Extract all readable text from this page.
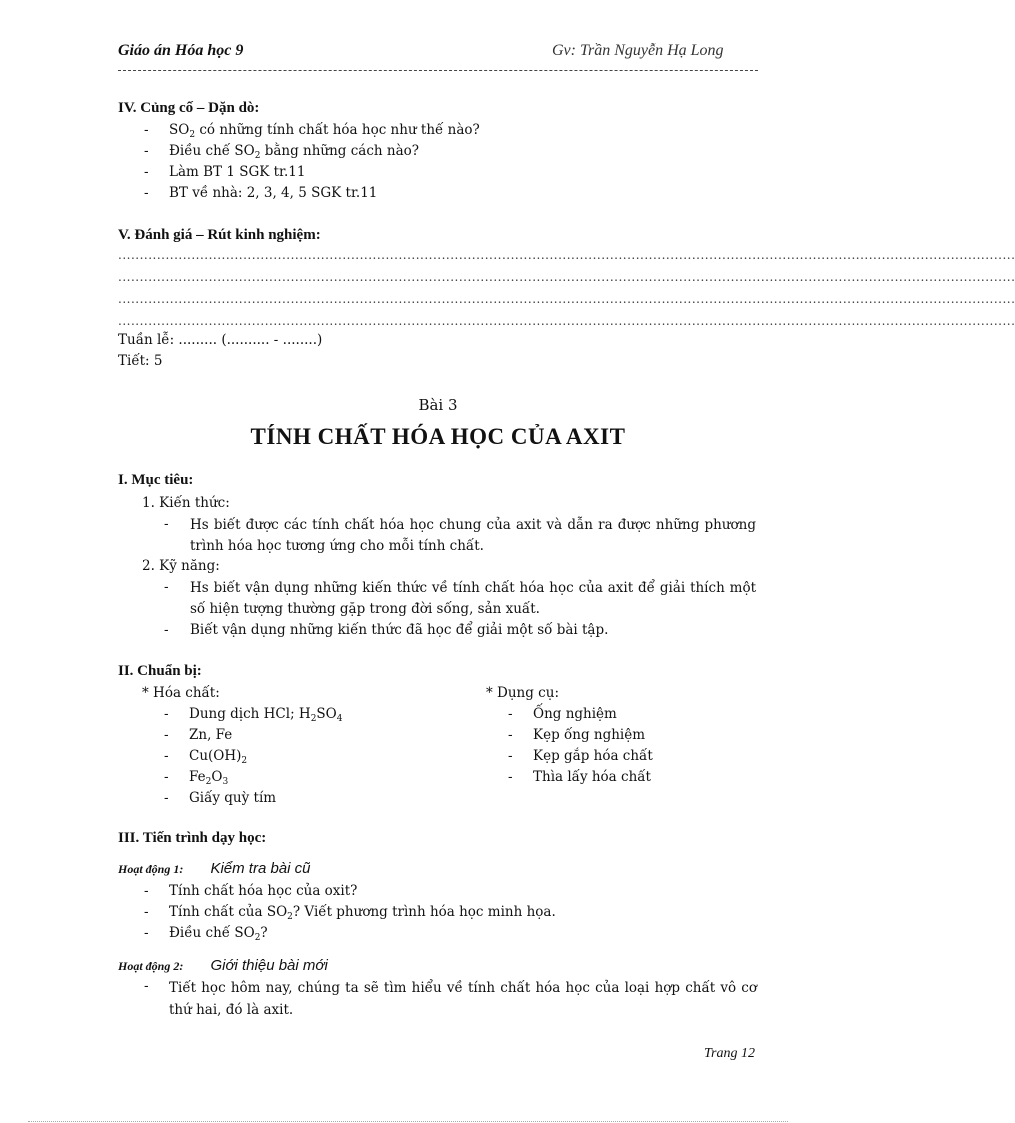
Giáo án Hóa học 9	Gv: Trần Nguyễn Hạ Long
IV. Củng cố – Dặn dò:
- $SO_2$ có những tính chất hóa học như thế nào?
- Điều chế $SO_2$ bằng những cách nào?
- Làm BT 1 SGK tr.11
- BT về nhà: 2, 3, 4, 5 SGK tr.11
V. Đánh giá – Rút kinh nghiệm:
................................................................................................................................................................................................................
................................................................................................................................................................................................................
................................................................................................................................................................................................................
................................................................................................................................................................................................................
Tuần lễ: ......... (.......... - ........)
Tiết: 5
Bài 3
TÍNH CHẤT HÓA HỌC CỦA AXIT
I. Mục tiêu:
1. Kiến thức:
- Hs biết được các tính chất hóa học chung của axit và dẫn ra được những phương trình hóa học tương ứng cho mỗi tính chất.
2. Kỹ năng:
- Hs biết vận dụng những kiến thức về tính chất hóa học của axit để giải thích một số hiện tượng thường gặp trong đời sống, sản xuất.
- Biết vận dụng những kiến thức đã học để giải một số bài tập.
II. Chuẩn bị:
* Hóa chất:
- Dung dịch HCl; $H_2SO_4$
- Zn, Fe
- $Cu(OH)_2$
- $Fe_2O_3$
- Giấy quỳ tím
* Dụng cụ:
- Ống nghiệm
- Kẹp ống nghiệm
- Kẹp gắp hóa chất
- Thìa lấy hóa chất
III. Tiến trình dạy học:
Hoạt động 1: Kiểm tra bài cũ
- Tính chất hóa học của oxit?
- Tính chất của $SO_2$? Viết phương trình hóa học minh họa.
- Điều chế $SO_2$?
Hoạt động 2: Giới thiệu bài mới
- Tiết học hôm nay, chúng ta sẽ tìm hiểu về tính chất hóa học của loại hợp chất vô cơ thứ hai, đó là axit.
Trang 12
